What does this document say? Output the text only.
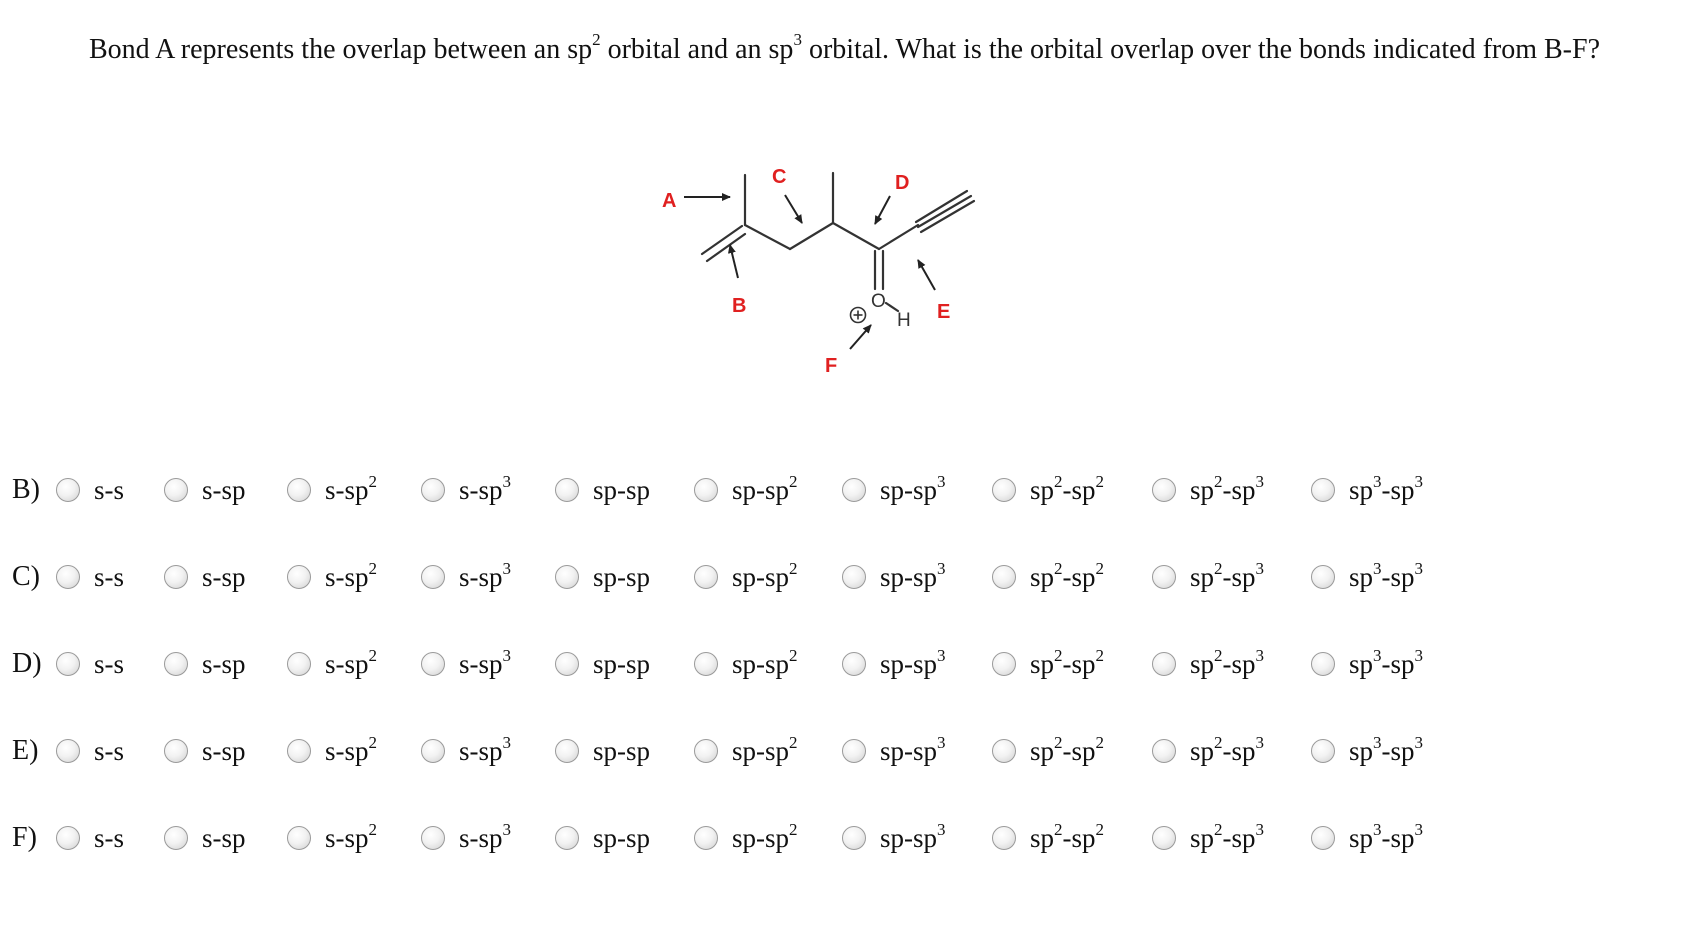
Bond A represents the overlap between an $sp^2$ orbital and an $sp^3$ orbital. What is the orbital overlap over the bonds indicated from B-F?
A
B
C	D
E
F
O
H
B)	s-s	s-sp	$s-sp^2$	$s-sp^3$	sp-sp	$sp-sp^2$	$sp-sp^3$	$sp^2-sp^2$	$sp^2-sp^3$	$sp^3-sp^3$
C)	s-s	s-sp	$s-sp^2$	$s-sp^3$	sp-sp	$sp-sp^2$	$sp-sp^3$	$sp^2-sp^2$	$sp^2-sp^3$	$sp^3-sp^3$
D)	s-s	s-sp	$s-sp^2$	$s-sp^3$	sp-sp	$sp-sp^2$	$sp-sp^3$	$sp^2-sp^2$	$sp^2-sp^3$	$sp^3-sp^3$
E)	s-s	s-sp	$s-sp^2$	$s-sp^3$	sp-sp	$sp-sp^2$	$sp-sp^3$	$sp^2-sp^2$	$sp^2-sp^3$	$sp^3-sp^3$
F)	s-s	s-sp	$s-sp^2$	$s-sp^3$	sp-sp	$sp-sp^2$	$sp-sp^3$	$sp^2-sp^2$	$sp^2-sp^3$	$sp^3-sp^3$
